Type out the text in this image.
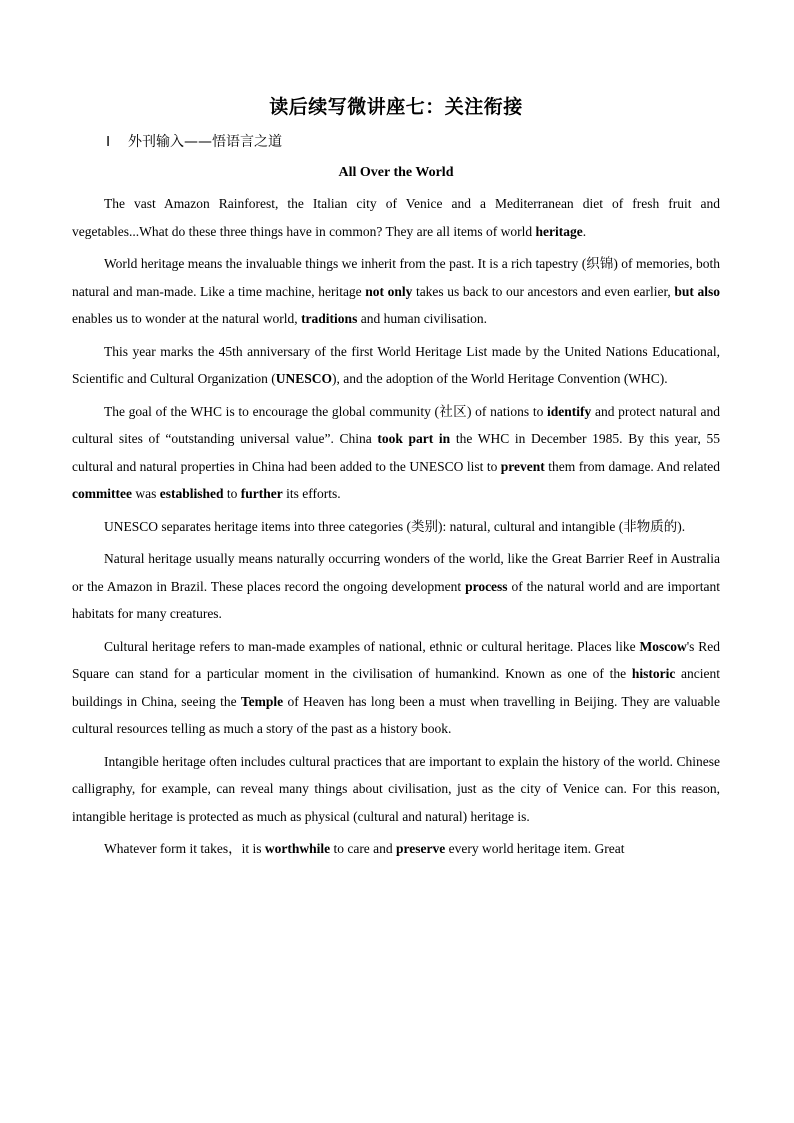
读后续写微讲座七：关注衔接
Ⅰ 外刊输入——悟语言之道
All Over the World

The vast Amazon Rainforest, the Italian city of Venice and a Mediterranean diet of fresh fruit and vegetables...What do these three things have in common? They are all items of world heritage.

World heritage means the invaluable things we inherit from the past. It is a rich tapestry (织锦) of memories, both natural and man-made. Like a time machine, heritage not only takes us back to our ancestors and even earlier, but also enables us to wonder at the natural world, traditions and human civilisation.

This year marks the 45th anniversary of the first World Heritage List made by the United Nations Educational, Scientific and Cultural Organization (UNESCO), and the adoption of the World Heritage Convention (WHC).

The goal of the WHC is to encourage the global community (社区) of nations to identify and protect natural and cultural sites of “outstanding universal value”. China took part in the WHC in December 1985. By this year, 55 cultural and natural properties in China had been added to the UNESCO list to prevent them from damage. And related committee was established to further its efforts.

UNESCO separates heritage items into three categories (类别): natural, cultural and intangible (非物质的).

Natural heritage usually means naturally occurring wonders of the world, like the Great Barrier Reef in Australia or the Amazon in Brazil. These places record the ongoing development process of the natural world and are important habitats for many creatures.

Cultural heritage refers to man-made examples of national, ethnic or cultural heritage. Places like Moscow's Red Square can stand for a particular moment in the civilisation of humankind. Known as one of the historic ancient buildings in China, seeing the Temple of Heaven has long been a must when travelling in Beijing. They are valuable cultural resources telling as much a story of the past as a history book.

Intangible heritage often includes cultural practices that are important to explain the history of the world. Chinese calligraphy, for example, can reveal many things about civilisation, just as the city of Venice can. For this reason, intangible heritage is protected as much as physical (cultural and natural) heritage is.

Whatever form it takes，it is worthwhile to care and preserve every world heritage item. Great
